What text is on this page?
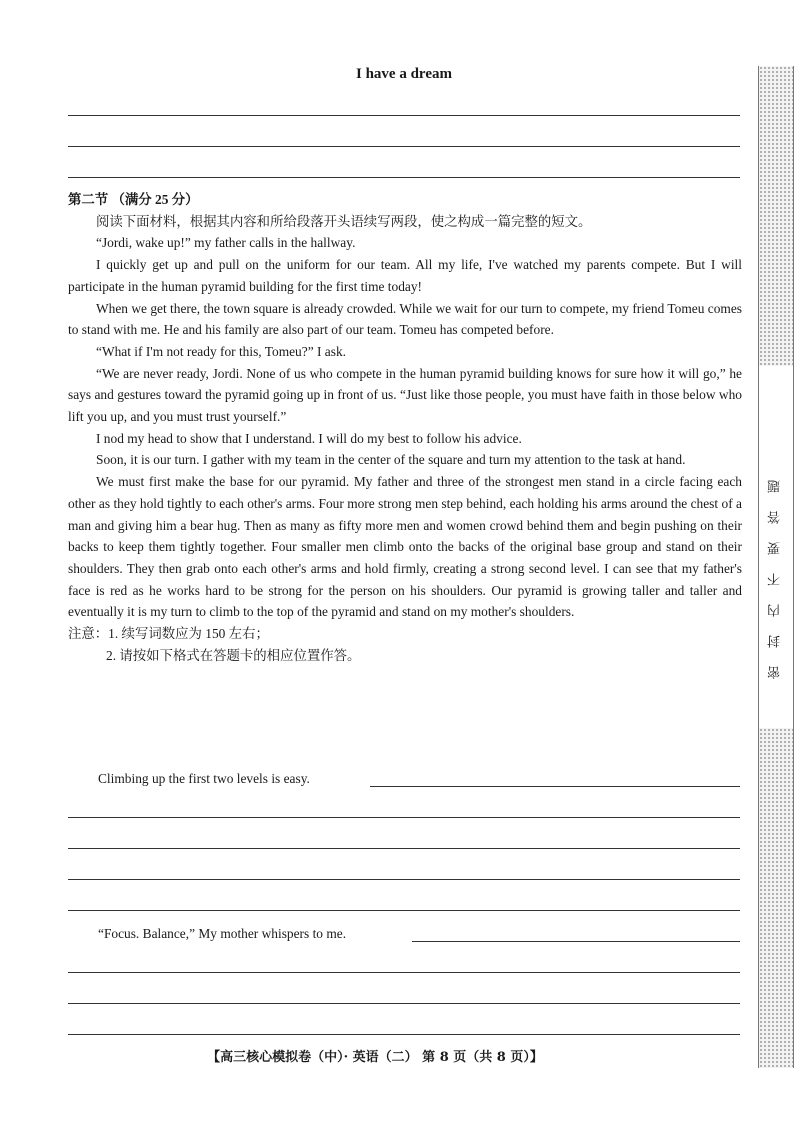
I have a dream

第二节 （满分 25 分）

阅读下面材料，根据其内容和所给段落开头语续写两段，使之构成一篇完整的短文。

“Jordi, wake up!” my father calls in the hallway.

I quickly get up and pull on the uniform for our team. All my life, I've watched my parents compete. But I will participate in the human pyramid building for the first time today!

When we get there, the town square is already crowded. While we wait for our turn to compete, my friend Tomeu comes to stand with me. He and his family are also part of our team. Tomeu has competed before.

“What if I'm not ready for this, Tomeu?” I ask.

“We are never ready, Jordi. None of us who compete in the human pyramid building knows for sure how it will go,” he says and gestures toward the pyramid going up in front of us. “Just like those people, you must have faith in those below who lift you up, and you must trust yourself.”

I nod my head to show that I understand. I will do my best to follow his advice.

Soon, it is our turn. I gather with my team in the center of the square and turn my attention to the task at hand.

We must first make the base for our pyramid. My father and three of the strongest men stand in a circle facing each other as they hold tightly to each other's arms. Four more strong men step behind, each holding his arms around the chest of a man and giving him a bear hug. Then as many as fifty more men and women crowd behind them and begin pushing on their backs to keep them tightly together. Four smaller men climb onto the backs of the original base group and stand on their shoulders. They then grab onto each other's arms and hold firmly, creating a strong second level. I can see that my father's face is red as he works hard to be strong for the person on his shoulders. Our pyramid is growing taller and taller and eventually it is my turn to climb to the top of the pyramid and stand on my mother's shoulders.

注意：1. 续写词数应为 150 左右；

2. 请按如下格式在答题卡的相应位置作答。

Climbing up the first two levels is easy.
“Focus. Balance,” My mother whispers to me.
【高三核心模拟卷（中）· 英语（二） 第 8 页（共 8 页）】
密封内不要答题
